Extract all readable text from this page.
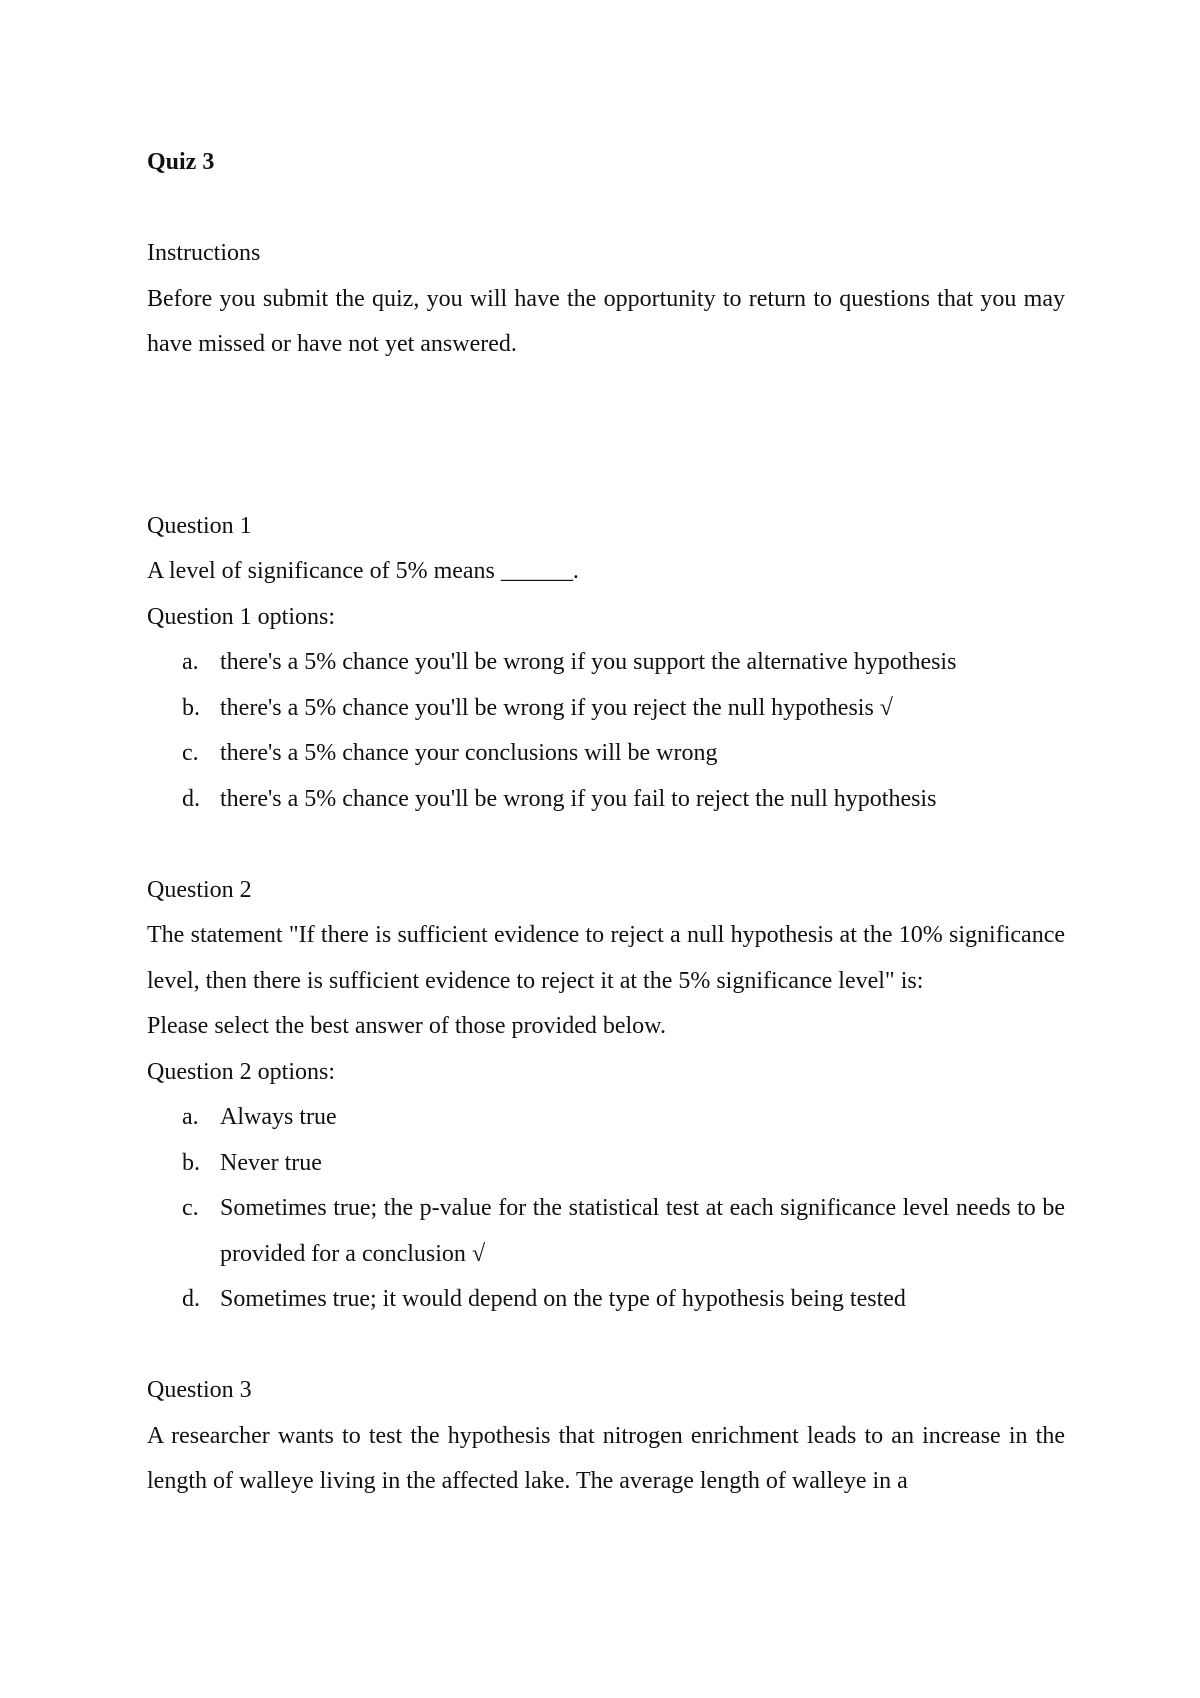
Quiz 3
Instructions
Before you submit the quiz, you will have the opportunity to return to questions that you may have missed or have not yet answered.
Question 1
A level of significance of 5% means ______.
Question 1 options:
a. there's a 5% chance you'll be wrong if you support the alternative hypothesis
b. there's a 5% chance you'll be wrong if you reject the null hypothesis √
c. there's a 5% chance your conclusions will be wrong
d. there's a 5% chance you'll be wrong if you fail to reject the null hypothesis
Question 2
The statement "If there is sufficient evidence to reject a null hypothesis at the 10% significance level, then there is sufficient evidence to reject it at the 5% significance level" is:
Please select the best answer of those provided below.
Question 2 options:
a. Always true
b. Never true
c. Sometimes true; the p-value for the statistical test at each significance level needs to be provided for a conclusion √
d. Sometimes true; it would depend on the type of hypothesis being tested
Question 3
A researcher wants to test the hypothesis that nitrogen enrichment leads to an increase in the length of walleye living in the affected lake. The average length of walleye in a
